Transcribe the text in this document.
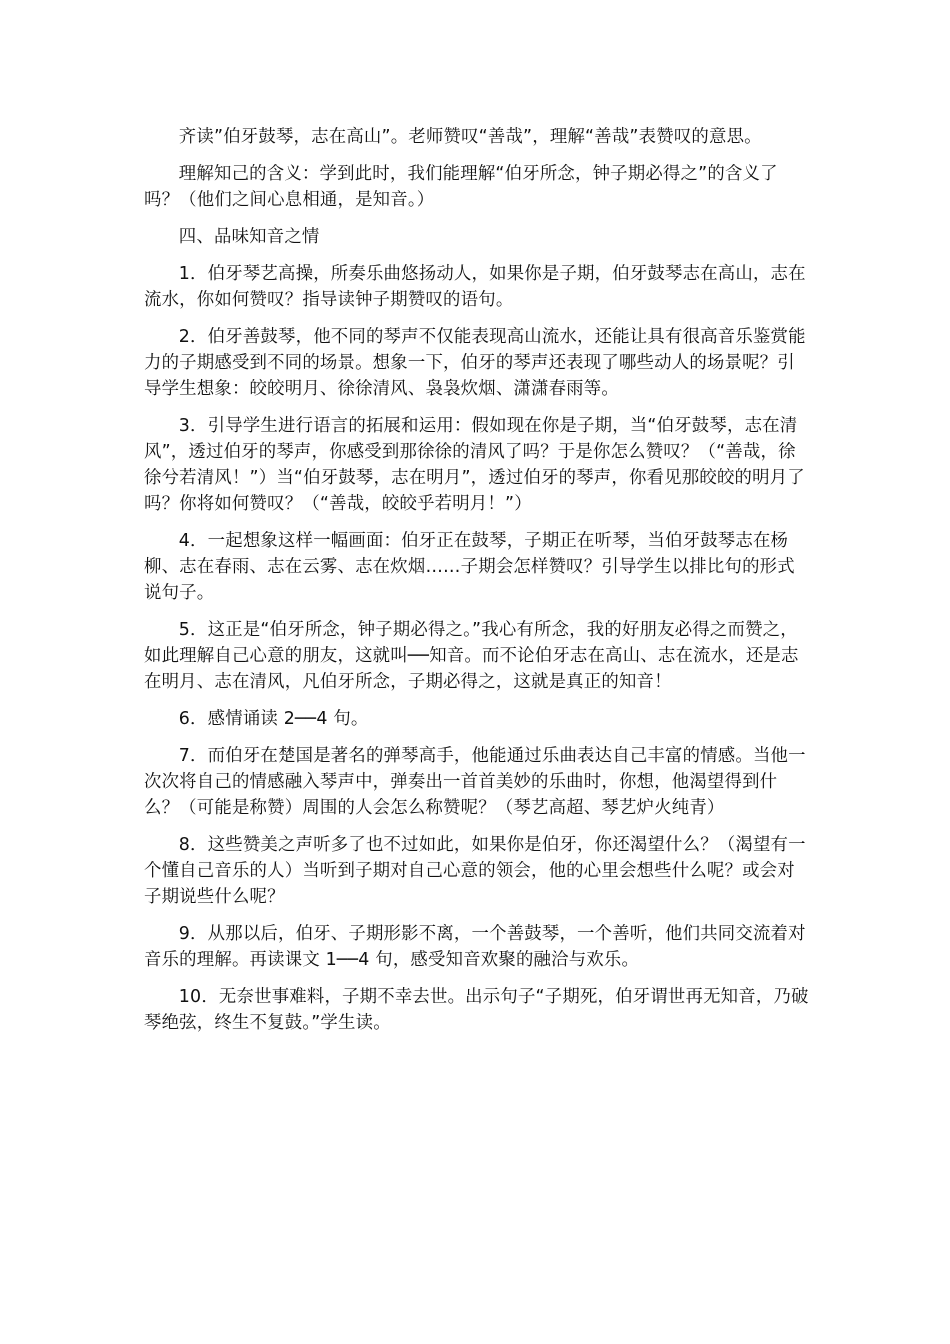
齐读”伯牙鼓琴，志在高山”。老师赞叹“善哉”，理解“善哉”表赞叹的意思。

理解知己的含义：学到此时，我们能理解“伯牙所念，钟子期必得之”的含义了吗？（他们之间心息相通，是知音。）

四、品味知音之情

1．伯牙琴艺高操，所奏乐曲悠扬动人，如果你是子期，伯牙鼓琴志在高山，志在流水，你如何赞叹？指导读钟子期赞叹的语句。

2．伯牙善鼓琴，他不同的琴声不仅能表现高山流水，还能让具有很高音乐鉴赏能力的子期感受到不同的场景。想象一下，伯牙的琴声还表现了哪些动人的场景呢？引导学生想象：皎皎明月、徐徐清风、袅袅炊烟、潇潇春雨等。

3．引导学生进行语言的拓展和运用：假如现在你是子期，当“伯牙鼓琴，志在清风”，透过伯牙的琴声，你感受到那徐徐的清风了吗？于是你怎么赞叹？（“善哉，徐徐兮若清风！”）当“伯牙鼓琴，志在明月”，透过伯牙的琴声，你看见那皎皎的明月了吗？你将如何赞叹？（“善哉，皎皎乎若明月！”）

4．一起想象这样一幅画面：伯牙正在鼓琴，子期正在听琴，当伯牙鼓琴志在杨柳、志在春雨、志在云雾、志在炊烟……子期会怎样赞叹？引导学生以排比句的形式说句子。

5．这正是“伯牙所念，钟子期必得之。”我心有所念，我的好朋友必得之而赞之，如此理解自己心意的朋友，这就叫──知音。而不论伯牙志在高山、志在流水，还是志在明月、志在清风，凡伯牙所念，子期必得之，这就是真正的知音！

6．感情诵读 2──4 句。

7．而伯牙在楚国是著名的弹琴高手，他能通过乐曲表达自己丰富的情感。当他一次次将自己的情感融入琴声中，弹奏出一首首美妙的乐曲时，你想，他渴望得到什么？（可能是称赞）周围的人会怎么称赞呢？（琴艺高超、琴艺炉火纯青）

8．这些赞美之声听多了也不过如此，如果你是伯牙，你还渴望什么？（渴望有一个懂自己音乐的人）当听到子期对自己心意的领会，他的心里会想些什么呢？或会对子期说些什么呢？

9．从那以后，伯牙、子期形影不离，一个善鼓琴，一个善听，他们共同交流着对音乐的理解。再读课文 1──4 句，感受知音欢聚的融洽与欢乐。

10．无奈世事难料，子期不幸去世。出示句子“子期死，伯牙谓世再无知音，乃破琴绝弦，终生不复鼓。”学生读。
